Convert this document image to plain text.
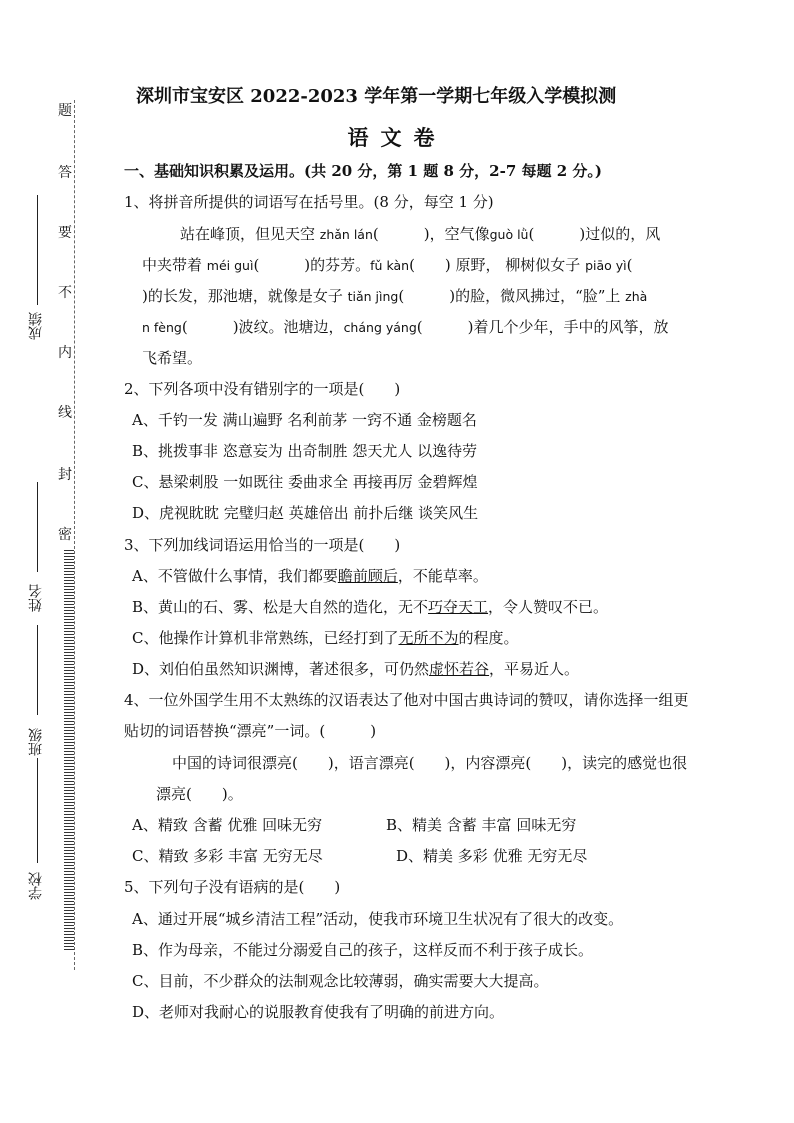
题
答
要
不
内
线
封
密
成绩
姓名
班级
学校
深圳市宝安区 2022-2023 学年第一学期七年级入学模拟测
语文卷
一、基础知识积累及运用。(共 20 分，第 1 题 8 分，2-7 每题 2 分。)
1、将拼音所提供的词语写在括号里。(8 分，每空 1 分)
站在峰顶，但见天空 zhǎn lán(　　　)，空气像guò lǜ(　　　)过似的，风
中夹带着 méi guì(　　　)的芬芳。fǔ kàn(　　) 原野， 柳树似女子 piāo yì(
)的长发，那池塘，就像是女子 tiǎn jìng(　　　)的脸，微风拂过，“脸”上 zhà
n fèng(　　　)波纹。池塘边，cháng yáng(　　　)着几个少年，手中的风筝，放
飞希望。
2、下列各项中没有错别字的一项是(　　)
A、千钓一发 满山遍野 名利前茅 一窍不通 金榜题名
B、挑拨事非 恣意妄为 出奇制胜 怨天尤人 以逸待劳
C、悬梁刺股 一如既往 委曲求全 再接再厉 金碧辉煌
D、虎视眈眈 完璧归赵 英雄倍出 前扑后继 谈笑风生
3、下列加线词语运用恰当的一项是(　　)
A、不管做什么事情，我们都要瞻前顾后，不能草率。
B、黄山的石、雾、松是大自然的造化，无不巧夺天工，令人赞叹不已。
C、他操作计算机非常熟练，已经打到了无所不为的程度。
D、刘伯伯虽然知识渊博，著述很多，可仍然虚怀若谷，平易近人。
4、一位外国学生用不太熟练的汉语表达了他对中国古典诗词的赞叹，请你选择一组更
贴切的词语替换“漂亮”一词。(　　　)
中国的诗词很漂亮(　　)，语言漂亮(　　)，内容漂亮(　　)，读完的感觉也很
漂亮(　　)。
A、精致 含蓄 优雅 回味无穷	B、精美 含蓄 丰富 回味无穷
C、精致 多彩 丰富 无穷无尽	D、精美 多彩 优雅 无穷无尽
5、下列句子没有语病的是(　　)
A、通过开展“城乡清洁工程”活动，使我市环境卫生状况有了很大的改变。
B、作为母亲，不能过分溺爱自己的孩子，这样反而不利于孩子成长。
C、目前，不少群众的法制观念比较薄弱，确实需要大大提高。
D、老师对我耐心的说服教育使我有了明确的前进方向。
